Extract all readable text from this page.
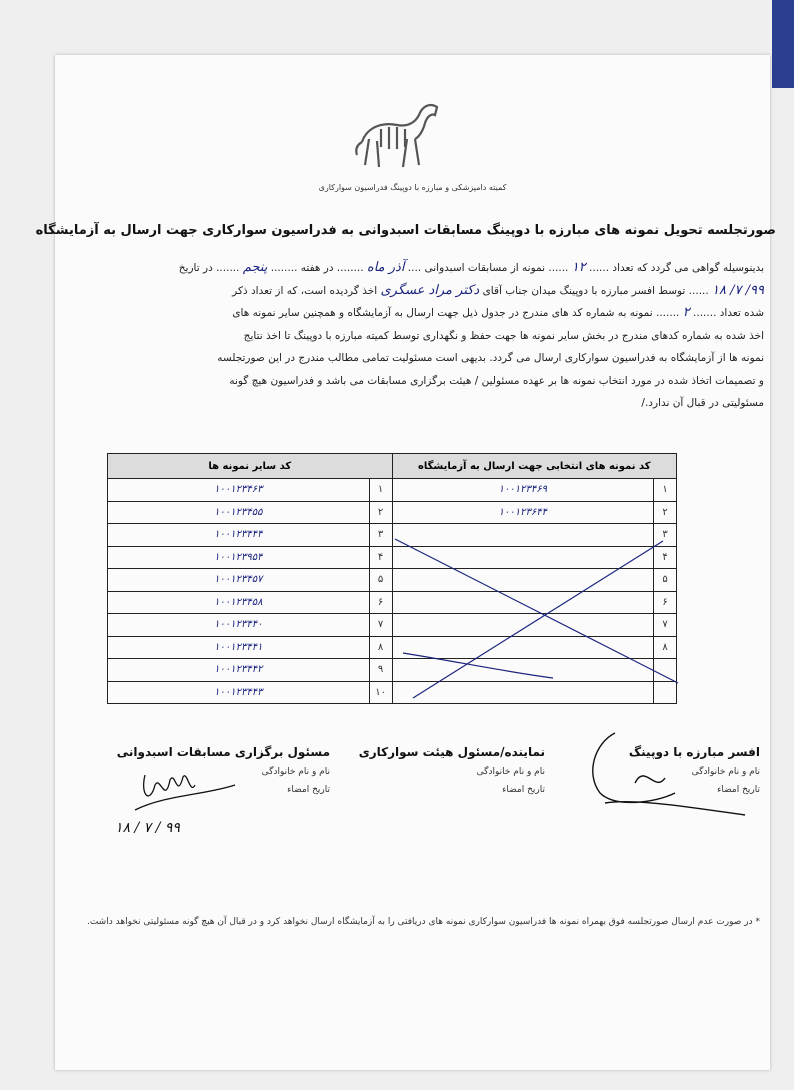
کمیته دامپزشکی و مبارزه با دوپینگ فدراسیون سوارکاری
صورتجلسه تحویل نمونه های مبارزه با دوپینگ مسابقات اسبدوانی به فدراسیون سوارکاری جهت ارسال به آزمایشگاه
بدینوسیله گواهی می گردد که تعداد ...... ۱۲ ...... نمونه از مسابقات اسبدوانی .... آذر ماه ........ در هفته ........ پنجم ....... در تاریخ
۹۹/ ۷/ ۱۸ ...... توسط افسر مبارزه با دوپینگ میدان جناب آقای دکتر مراد عسگری اخذ گردیده است، که از تعداد ذکر
شده تعداد ....... ۲ ....... نمونه به شماره کد های مندرج در جدول ذیل جهت ارسال به آزمایشگاه و همچنین سایر نمونه های
اخذ شده به شماره کدهای مندرج در بخش سایر نمونه ها جهت حفظ و نگهداری توسط کمیته مبارزه با دوپینگ تا اخذ نتایج
نمونه ها از آزمایشگاه به فدراسیون سوارکاری ارسال می گردد. بدیهی است مسئولیت تمامی مطالب مندرج در این صورتجلسه
و تصمیمات اتخاذ شده در مورد انتخاب نمونه ها بر عهده مسئولین / هیئت برگزاری مسابقات می باشد و فدراسیون هیچ گونه
مسئولیتی در قبال آن ندارد./
کد نمونه های انتخابی جهت ارسال به آزمایشگاه		کد سایر نمونه ها	
۱	۱۰۰۱۲۳۴۶۹	۱	۱۰۰۱۲۳۴۶۳
۲	۱۰۰۱۲۳۶۴۴	۲	۱۰۰۱۲۳۴۵۵
۳		۳	۱۰۰۱۲۳۴۴۴
۴		۴	۱۰۰۱۲۳۹۵۴
۵		۵	۱۰۰۱۲۳۴۵۷
۶		۶	۱۰۰۱۲۳۴۵۸
۷		۷	۱۰۰۱۲۳۴۴۰
۸		۸	۱۰۰۱۲۳۴۴۱
		۹	۱۰۰۱۲۳۴۴۲
		۱۰	۱۰۰۱۲۳۴۴۳
افسر مبارزه با دوپینگ
نام و نام خانوادگی
تاریخ امضاء
نماینده/مسئول هیئت سوارکاری
نام و نام خانوادگی
تاریخ امضاء
مسئول برگزاری مسابقات اسبدوانی
نام و نام خانوادگی
تاریخ امضاء
۹۹ / ۷ / ۱۸
* در صورت عدم ارسال صورتجلسه فوق بهمراه نمونه ها فدراسیون سوارکاری نمونه های دریافتی را به آزمایشگاه ارسال نخواهد کرد و در قبال آن هیچ گونه مسئولیتی نخواهد داشت.
